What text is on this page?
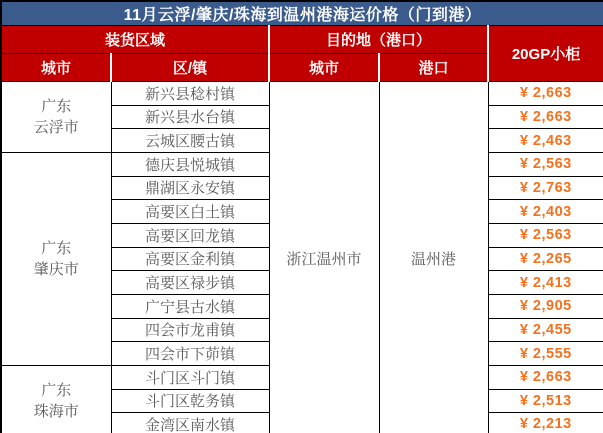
11月云浮/肇庆/珠海到温州港海运价格（门到港）				
装货区域		目的地（港口）		20GP小柜
城市	区/镇	城市	港口	

广东
云浮市	新兴县稔村镇	浙江温州市	温州港	¥ 2,663
	新兴县水台镇			¥ 2,663
	云城区腰古镇			¥ 2,463

广东
肇庆市	德庆县悦城镇			¥ 2,563
	鼎湖区永安镇			¥ 2,763
	高要区白土镇			¥ 2,403
	高要区回龙镇			¥ 2,563
	高要区金利镇			¥ 2,265
	高要区禄步镇			¥ 2,413
	广宁县古水镇			¥ 2,905
	四会市龙甫镇			¥ 2,455
	四会市下茆镇			¥ 2,555

广东
珠海市	斗门区斗门镇			¥ 2,663
	斗门区乾务镇			¥ 2,513
	金湾区南水镇			¥ 2,213
